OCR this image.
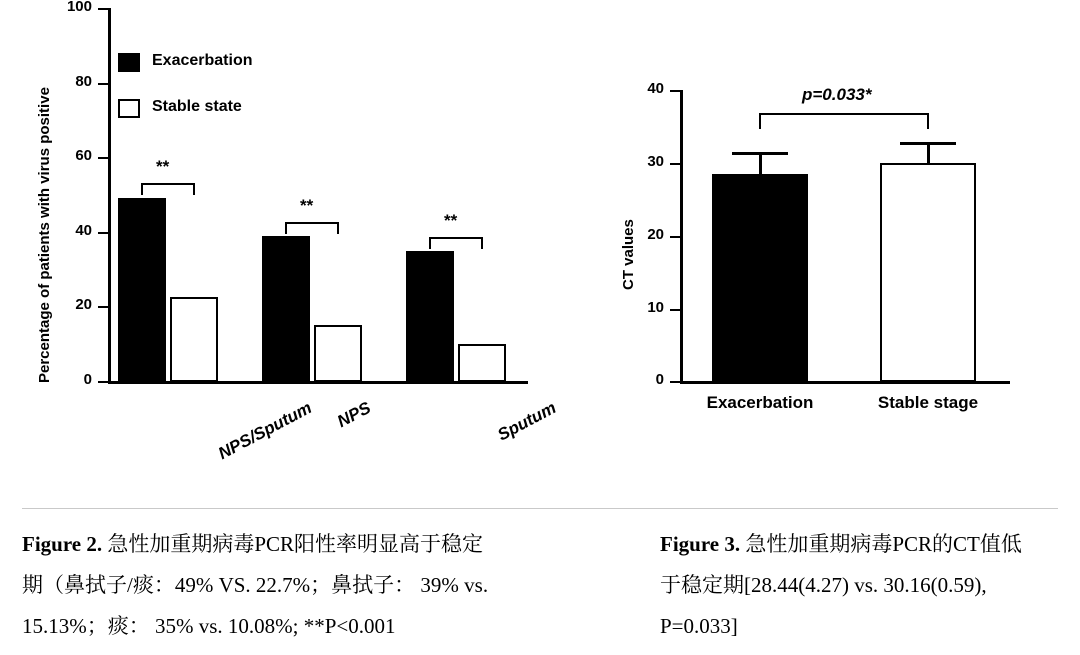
100
80
60
40
20
0
Percentage of patients with virus positive
Exacerbation
Stable state
**
**
**
NPS/Sputum NPS	Sputum
40
30
20
10
0
CT values
p=0.033*
Exacerbation	Stable stage
Figure 2. 急性加重期病毒PCR阳性率明显高于稳定
期（鼻拭子/痰：49% VS. 22.7%；鼻拭子： 39% vs.
15.13%；痰： 35% vs. 10.08%; **P<0.001
Figure 3. 急性加重期病毒PCR的CT值低
于稳定期[28.44(4.27) vs. 30.16(0.59),
P=0.033]
